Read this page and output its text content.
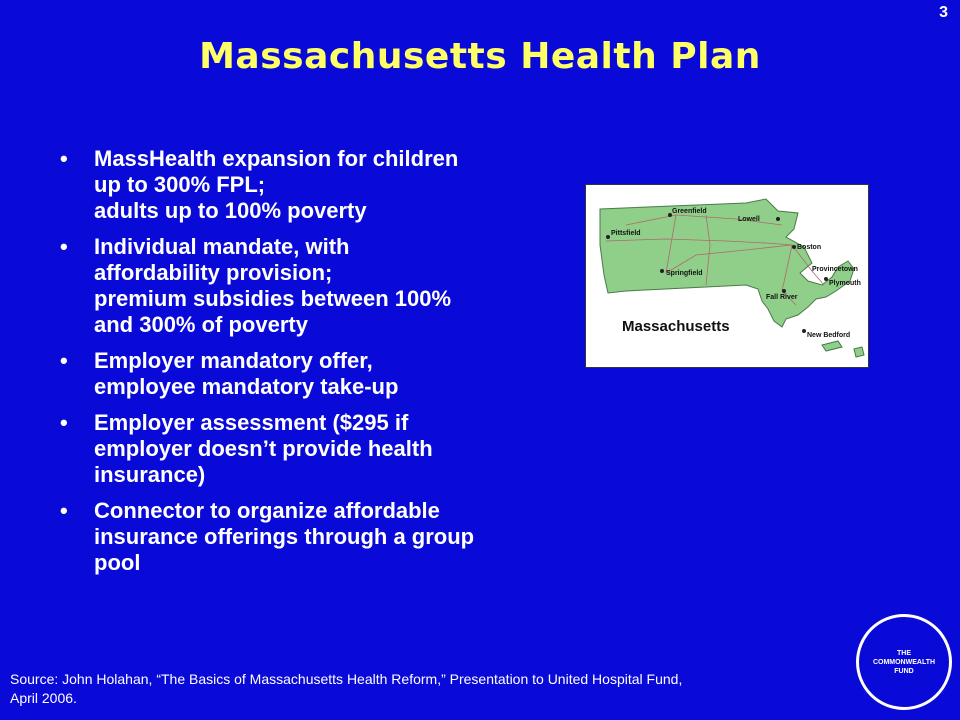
3
Massachusetts Health Plan
• MassHealth expansion for children
up to 300% FPL;
adults up to 100% poverty
• Individual mandate, with
affordability provision;
premium subsidies between 100%
and 300% of poverty
• Employer mandatory offer,
employee mandatory take-up
• Employer assessment ($295 if
employer doesn’t provide health
insurance)
• Connector to organize affordable
insurance offerings through a group
pool
Greenfield
Lowell
Pittsfield
Boston
Springfield
Provincetown
Plymouth
Fall River
New Bedford
Massachusetts
Source: John Holahan, “The Basics of Massachusetts Health Reform,” Presentation to United Hospital Fund,
April 2006.
THE
COMMONWEALTH
FUND
